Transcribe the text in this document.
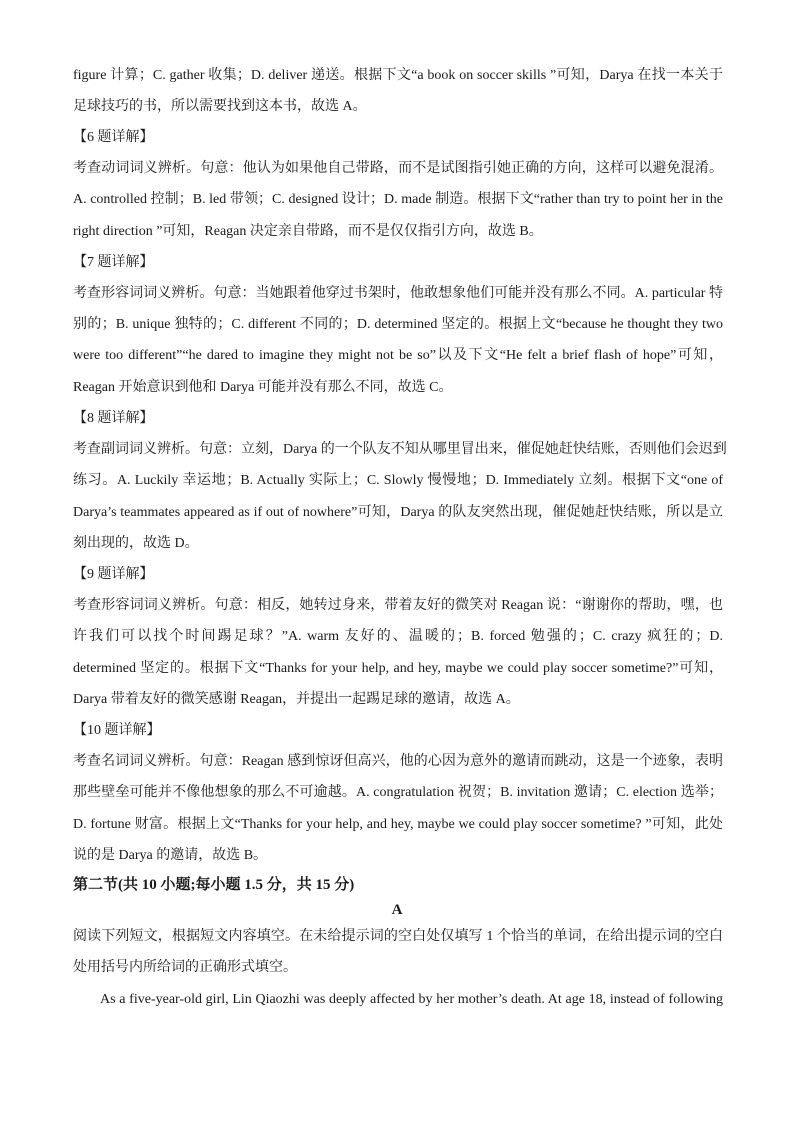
figure 计算；C. gather 收集；D. deliver 递送。根据下文“a book on soccer skills ”可知，Darya 在找一本关于
足球技巧的书，所以需要找到这本书，故选 A。
【6 题详解】
考查动词词义辨析。句意：他认为如果他自己带路，而不是试图指引她正确的方向，这样可以避免混淆。
A. controlled 控制；B. led 带领；C. designed 设计；D. made 制造。根据下文“rather than try to point her in the
right direction ”可知，Reagan 决定亲自带路，而不是仅仅指引方向，故选 B。
【7 题详解】
考查形容词词义辨析。句意：当她跟着他穿过书架时，他敢想象他们可能并没有那么不同。A. particular 特
别的；B. unique 独特的；C. different 不同的；D. determined 坚定的。根据上文“because he thought they two
were too different”“he dared to imagine they might not be so”以及下文“He felt a brief flash of hope”可知，
Reagan 开始意识到他和 Darya 可能并没有那么不同，故选 C。
【8 题详解】
考查副词词义辨析。句意：立刻，Darya 的一个队友不知从哪里冒出来，催促她赶快结账，否则他们会迟到
练习。A. Luckily 幸运地；B. Actually 实际上；C. Slowly 慢慢地；D. Immediately 立刻。根据下文“one of
Darya’s teammates appeared as if out of nowhere”可知，Darya 的队友突然出现，催促她赶快结账，所以是立
刻出现的，故选 D。
【9 题详解】
考查形容词词义辨析。句意：相反，她转过身来，带着友好的微笑对 Reagan 说：“谢谢你的帮助，嘿，也
许我们可以找个时间踢足球？”A. warm 友好的、温暖的；B. forced 勉强的；C. crazy 疯狂的；D.
determined 坚定的。根据下文“Thanks for your help, and hey, maybe we could play soccer sometime?”可知，
Darya 带着友好的微笑感谢 Reagan，并提出一起踢足球的邀请，故选 A。
【10 题详解】
考查名词词义辨析。句意：Reagan 感到惊讶但高兴，他的心因为意外的邀请而跳动，这是一个迹象，表明
那些壁垒可能并不像他想象的那么不可逾越。A. congratulation 祝贺；B. invitation 邀请；C. election 选举；
D. fortune 财富。根据上文“Thanks for your help, and hey, maybe we could play soccer sometime? ”可知，此处
说的是 Darya 的邀请，故选 B。
第二节(共 10 小题;每小题 1.5 分，共 15 分)
A
阅读下列短文，根据短文内容填空。在未给提示词的空白处仅填写 1 个恰当的单词，在给出提示词的空白
处用括号内所给词的正确形式填空。
As a five-year-old girl, Lin Qiaozhi was deeply affected by her mother’s death. At age 18, instead of following
